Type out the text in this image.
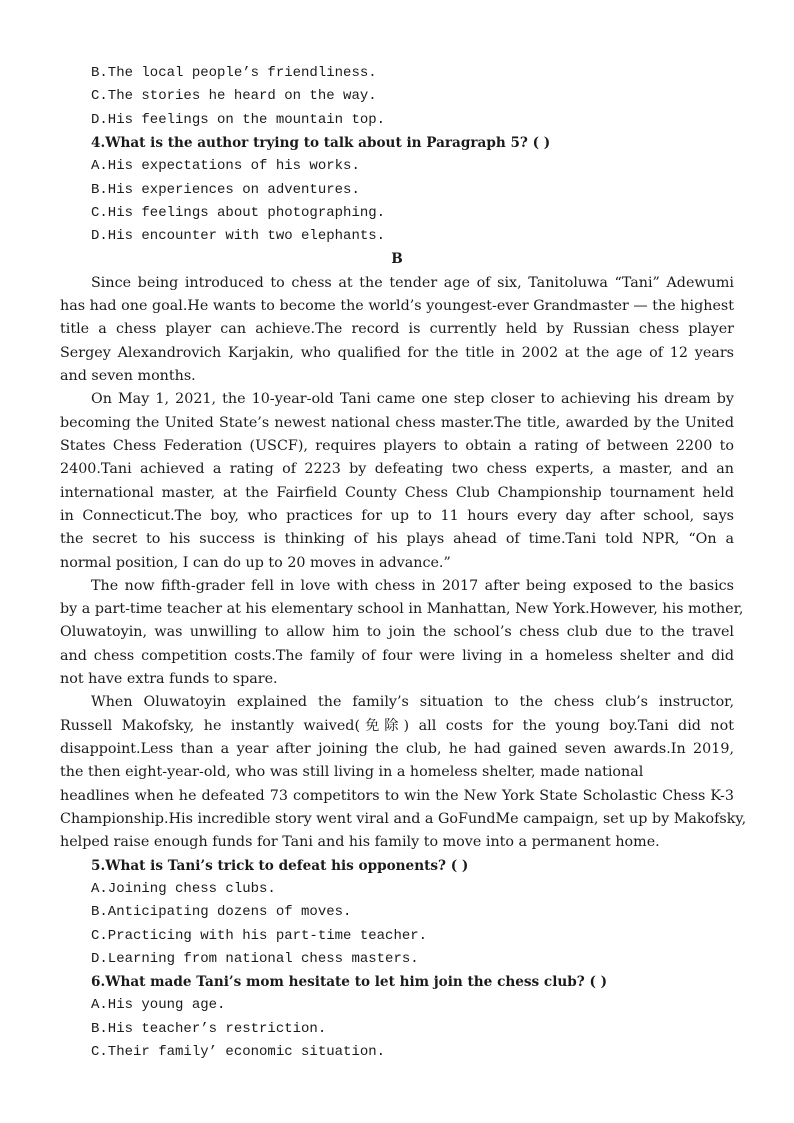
B.The local people’s friendliness.
C.The stories he heard on the way.
D.His feelings on the mountain top.
4.What is the author trying to talk about in Paragraph 5? ( )
A.His expectations of his works.
B.His experiences on adventures.
C.His feelings about photographing.
D.His encounter with two elephants.
B
Since being introduced to chess at the tender age of six, Tanitoluwa “Tani” Adewumi
has had one goal.He wants to become the world’s youngest-ever Grandmaster — the highest
title a chess player can achieve.The record is currently held by Russian chess player
Sergey Alexandrovich Karjakin, who qualified for the title in 2002 at the age of 12 years
and seven months.
On May 1, 2021, the 10-year-old Tani came one step closer to achieving his dream by
becoming the United State’s newest national chess master.The title, awarded by the United
States Chess Federation (USCF), requires players to obtain a rating of between 2200 to
2400.Tani achieved a rating of 2223 by defeating two chess experts, a master, and an
international master, at the Fairfield County Chess Club Championship tournament held
in Connecticut.The boy, who practices for up to 11 hours every day after school, says
the secret to his success is thinking of his plays ahead of time.Tani told NPR, “On a
normal position, I can do up to 20 moves in advance.”
The now fifth-grader fell in love with chess in 2017 after being exposed to the basics
by a part-time teacher at his elementary school in Manhattan, New York.However, his mother,
Oluwatoyin, was unwilling to allow him to join the school’s chess club due to the travel
and chess competition costs.The family of four were living in a homeless shelter and did
not have extra funds to spare.
When Oluwatoyin explained the family’s situation to the chess club’s instructor,
Russell Makofsky, he instantly waived(免除) all costs for the young boy.Tani did not
disappoint.Less than a year after joining the club, he had gained seven awards.In 2019,
the then eight-year-old, who was still living in a homeless shelter, made national
headlines when he defeated 73 competitors to win the New York State Scholastic Chess K-3
Championship.His incredible story went viral and a GoFundMe campaign, set up by Makofsky,
helped raise enough funds for Tani and his family to move into a permanent home.
5.What is Tani’s trick to defeat his opponents? ( )
A.Joining chess clubs.
B.Anticipating dozens of moves.
C.Practicing with his part-time teacher.
D.Learning from national chess masters.
6.What made Tani’s mom hesitate to let him join the chess club? ( )
A.His young age.
B.His teacher’s restriction.
C.Their family’ economic situation.
